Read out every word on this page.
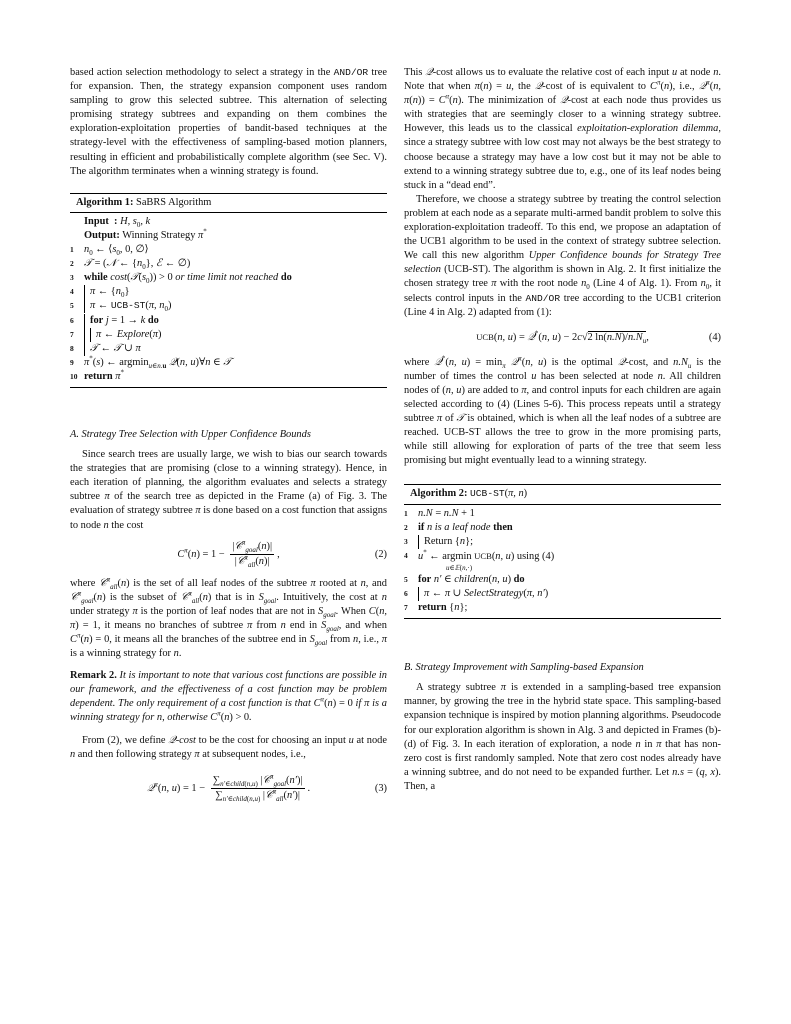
based action selection methodology to select a strategy in the AND/OR tree for expansion. Then, the strategy expansion component uses random sampling to grow this selected subtree. This alternation of selecting promising strategy subtrees and expanding on them combines the exploration-exploitation properties of bandit-based techniques at the strategy-level with the effectiveness of sampling-based motion planners, resulting in efficient and probabilistically complete algorithm (see Sec. V). The algorithm terminates when a winning strategy is found.

Algorithm 1: SaBRS Algorithm
Input  : H, $s_0$, k
Output: Winning Strategy π*
1 $n_0$ ← $⟨s_0$, 0, ∅⟩
2 𝒯 = (𝒩 ← $\{n_0\}$, ℰ ← ∅)
3 while $\cos t(𝒯(s_0)) > 0$ or time limit not reached do
4 π ← $\{n_0\}$
5 π ← UCB-ST(π, $n_0$)
6 for j = 1 → k do
7 π ← Explore(π)
8 𝒯 ← 𝒯 ∪ π
9 π*(s) ← argmin$_{u\in n.u}$ 𝒬(n, u)∀n ∈ 𝒯
10 return π*
A. Strategy Tree Selection with Upper Confidence Bounds

Since search trees are usually large, we wish to bias our search towards the strategies that are promising (close to a winning strategy). Hence, in each iteration of planning, the algorithm evaluates and selects a strategy subtree π of the search tree as depicted in the Frame (a) of Fig. 3. The evaluation of strategy subtree π is done based on a cost function that assigns to node n the cost

$C^\pi(n) = 1 - \frac{|𝒞^\pi_{goal}(n)|}{|𝒞^\pi_{all}(n)|}$ ,	(2)

where 𝒞$^\pi_{all}$(n) is the set of all leaf nodes of the subtree π rooted at n, and 𝒞$^\pi_{goal}$(n) is the subset of 𝒞$^\pi_{all}$(n) that is in $S_{goal}$. Intuitively, the cost at n under strategy π is the portion of leaf nodes that are not in $S_{goal}$. When C(n, π) = 1, it means no branches of subtree π from n end in $S_{goal}$, and when $C^\pi(n) = 0$, it means all the branches of the subtree end in $S_{goal}$ from n, i.e., π is a winning strategy for n.

Remark 2. It is important to note that various cost functions are possible in our framework, and the effectiveness of a cost function may be problem dependent. The only requirement of a cost function is that $C^\pi(n) = 0$ if π is a winning strategy for n, otherwise $C^\pi(n) > 0$.

From (2), we define 𝒬-cost to be the cost for choosing an input u at node n and then following strategy π at subsequent nodes, i.e.,

𝒬$^\pi$(n, $u) = 1 - \frac{\sum_{n'\in child(n,u)} |𝒞^\pi_{goal}(n')|}{\sum_{n'\in child(n,u)} |𝒞^\pi_{all}(n')|}$ .	(3)

This 𝒬-cost allows us to evaluate the relative cost of each input u at node n. Note that when π(n) = u, the 𝒬-cost of is equivalent to $C^\pi(n)$, i.e., 𝒬$^\pi$(n, $\pi(n)) = C^\pi(n)$. The minimization of 𝒬-cost at each node thus provides us with strategies that are seemingly closer to a winning strategy subtree. However, this leads us to the classical exploitation-exploration dilemma, since a strategy subtree with low cost may not always be the best strategy to choose because a strategy may have a low cost but it may not be able to extend to a winning strategy subtree due to, e.g., one of its leaf nodes being stuck in a “dead end”.

Therefore, we choose a strategy subtree by treating the control selection problem at each node as a separate multi-armed bandit problem to solve this exploration-exploitation tradeoff. To this end, we propose an adaptation of the UCB1 algorithm to be used in the context of strategy subtree selection. We call this new algorithm Upper Confidence bounds for Strategy Tree selection (UCB-ST). The algorithm is shown in Alg. 2. It first initialize the chosen strategy tree π with the root node $n_0$ (Line 4 of Alg. 1). From $n_0$, it selects control inputs in the AND/OR tree according to the UCB1 criterion (Line 4 in Alg. 2) adapted from (1):

UCB(n, u) = 𝒬*(n, u) − 2c√2 $\ln(n.N)/n.N_u$,	(4)

where 𝒬*(n, $u) = \min_\pi$ 𝒬$^\pi$(n, u) is the optimal 𝒬-cost, and $n.N_u$ is the number of times the control u has been selected at node n. All children nodes of (n, u) are added to π, and control inputs for each children are again selected according to (4) (Lines 5-6). This process repeats until a strategy subtree π of 𝒯 is obtained, which is when all the leaf nodes of a subtree are reached. UCB-ST allows the tree to grow in the more promising parts, while still allowing for exploration of parts of the tree that seem less promising but might eventually lead to a winning strategy.

Algorithm 2: UCB-ST(π, n)
1 n.N = n.N + 1
2 if n is a leaf node then
3 Return {n};
4 u* ← argmin UCB(n, u) using (4)
u∈𝔼(n,·)
5 for n′ ∈ children(n, u) do
6 π ← π ∪ SelectStrategy(π, n′)
7 return {n};
B. Strategy Improvement with Sampling-based Expansion

A strategy subtree π is extended in a sampling-based tree expansion manner, by growing the tree in the hybrid state space. This sampling-based expansion technique is inspired by motion planning algorithms. Pseudocode for our exploration algorithm is shown in Alg. 3 and depicted in Frames (b)-(d) of Fig. 3. In each iteration of exploration, a node n in π that has non-zero cost is first randomly sampled. Note that zero cost nodes already have a winning subtree, and do not need to be expanded further. Let n.s = (q, x). Then, a
